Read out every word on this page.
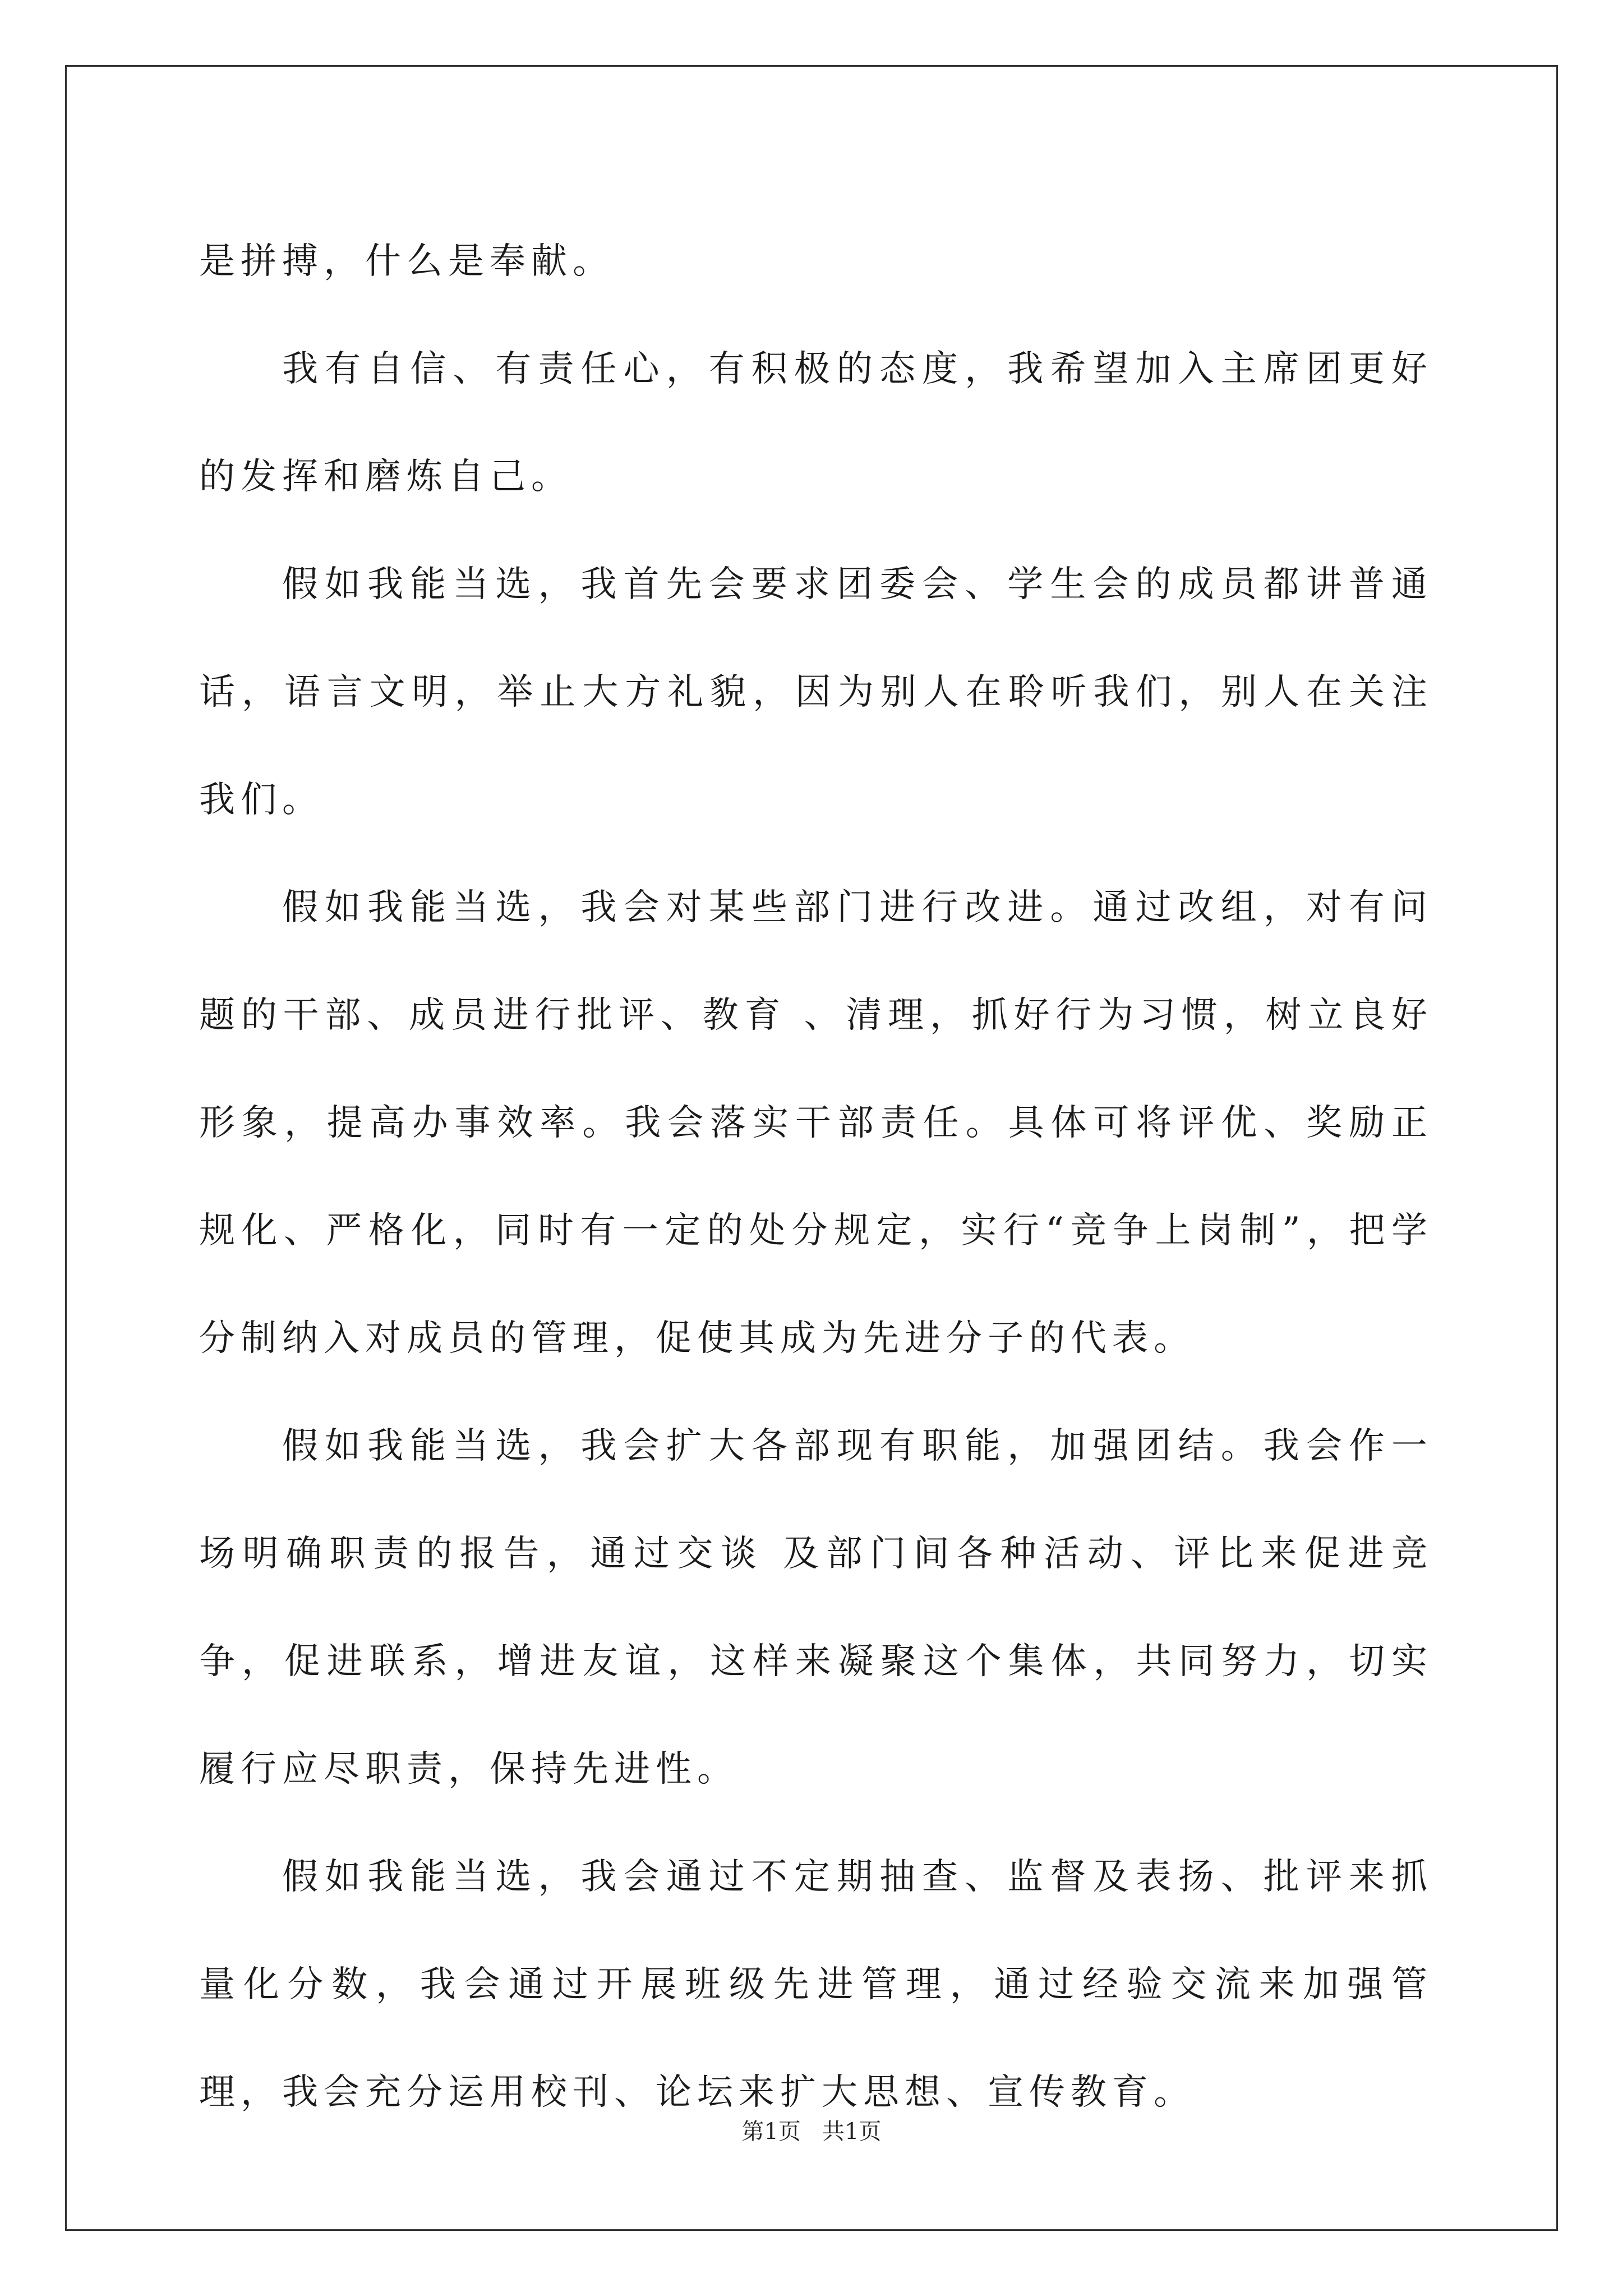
是拼搏，什么是奉献。

我有自信、有责任心，有积极的态度，我希望加入主席团更好的发挥和磨炼自己。

假如我能当选，我首先会要求团委会、学生会的成员都讲普通话，语言文明，举止大方礼貌，因为别人在聆听我们，别人在关注我们。

假如我能当选，我会对某些部门进行改进。通过改组，对有问题的干部、成员进行批评、教育 、清理，抓好行为习惯，树立良好形象，提高办事效率。我会落实干部责任。具体可将评优、奖励正规化、严格化，同时有一定的处分规定，实行“竞争上岗制”，把学分制纳入对成员的管理，促使其成为先进分子的代表。

假如我能当选，我会扩大各部现有职能，加强团结。我会作一场明确职责的报告，通过交谈 及部门间各种活动、评比来促进竞争，促进联系，增进友谊，这样来凝聚这个集体，共同努力，切实履行应尽职责，保持先进性。

假如我能当选，我会通过不定期抽查、监督及表扬、批评来抓量化分数，我会通过开展班级先进管理，通过经验交流来加强管理，我会充分运用校刊、论坛来扩大思想、宣传教育。

第1页   共1页
